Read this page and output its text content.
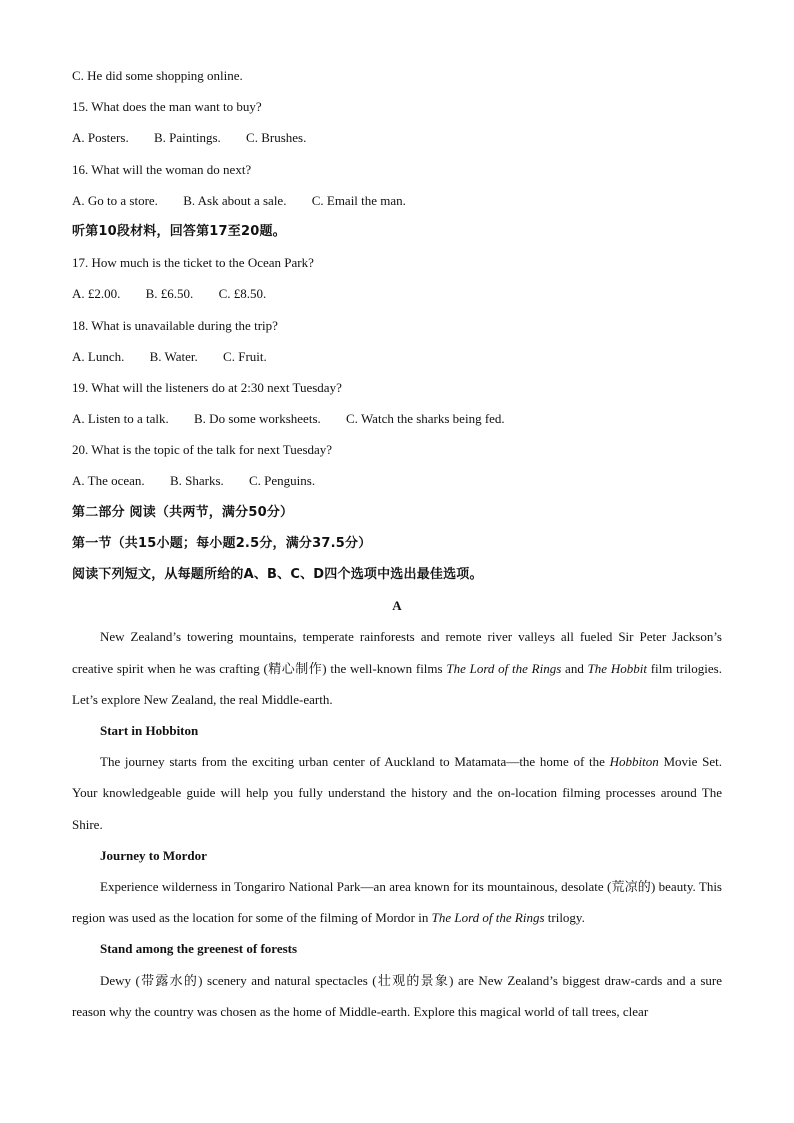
C. He did some shopping online.
15. What does the man want to buy?
A. Posters. B. Paintings. C. Brushes.
16. What will the woman do next?
A. Go to a store. B. Ask about a sale. C. Email the man.
听第10段材料，回答第17至20题。
17. How much is the ticket to the Ocean Park?
A. £2.00. B. £6.50. C. £8.50.
18. What is unavailable during the trip?
A. Lunch. B. Water. C. Fruit.
19. What will the listeners do at 2:30 next Tuesday?
A. Listen to a talk. B. Do some worksheets. C. Watch the sharks being fed.
20. What is the topic of the talk for next Tuesday?
A. The ocean. B. Sharks. C. Penguins.
第二部分 阅读（共两节，满分50分）
第一节（共15小题；每小题2.5分，满分37.5分）
阅读下列短文，从每题所给的A、B、C、D四个选项中选出最佳选项。
A

New Zealand’s towering mountains, temperate rainforests and remote river valleys all fueled Sir Peter Jackson’s creative spirit when he was crafting (精心制作) the well-known films The Lord of the Rings and The Hobbit film trilogies. Let’s explore New Zealand, the real Middle-earth.

Start in Hobbiton

The journey starts from the exciting urban center of Auckland to Matamata—the home of the Hobbiton Movie Set. Your knowledgeable guide will help you fully understand the history and the on-location filming processes around The Shire.

Journey to Mordor

Experience wilderness in Tongariro National Park—an area known for its mountainous, desolate (荒凉的) beauty. This region was used as the location for some of the filming of Mordor in The Lord of the Rings trilogy.

Stand among the greenest of forests

Dewy (带露水的) scenery and natural spectacles (壮观的景象) are New Zealand’s biggest draw-cards and a sure reason why the country was chosen as the home of Middle-earth. Explore this magical world of tall trees, clear
